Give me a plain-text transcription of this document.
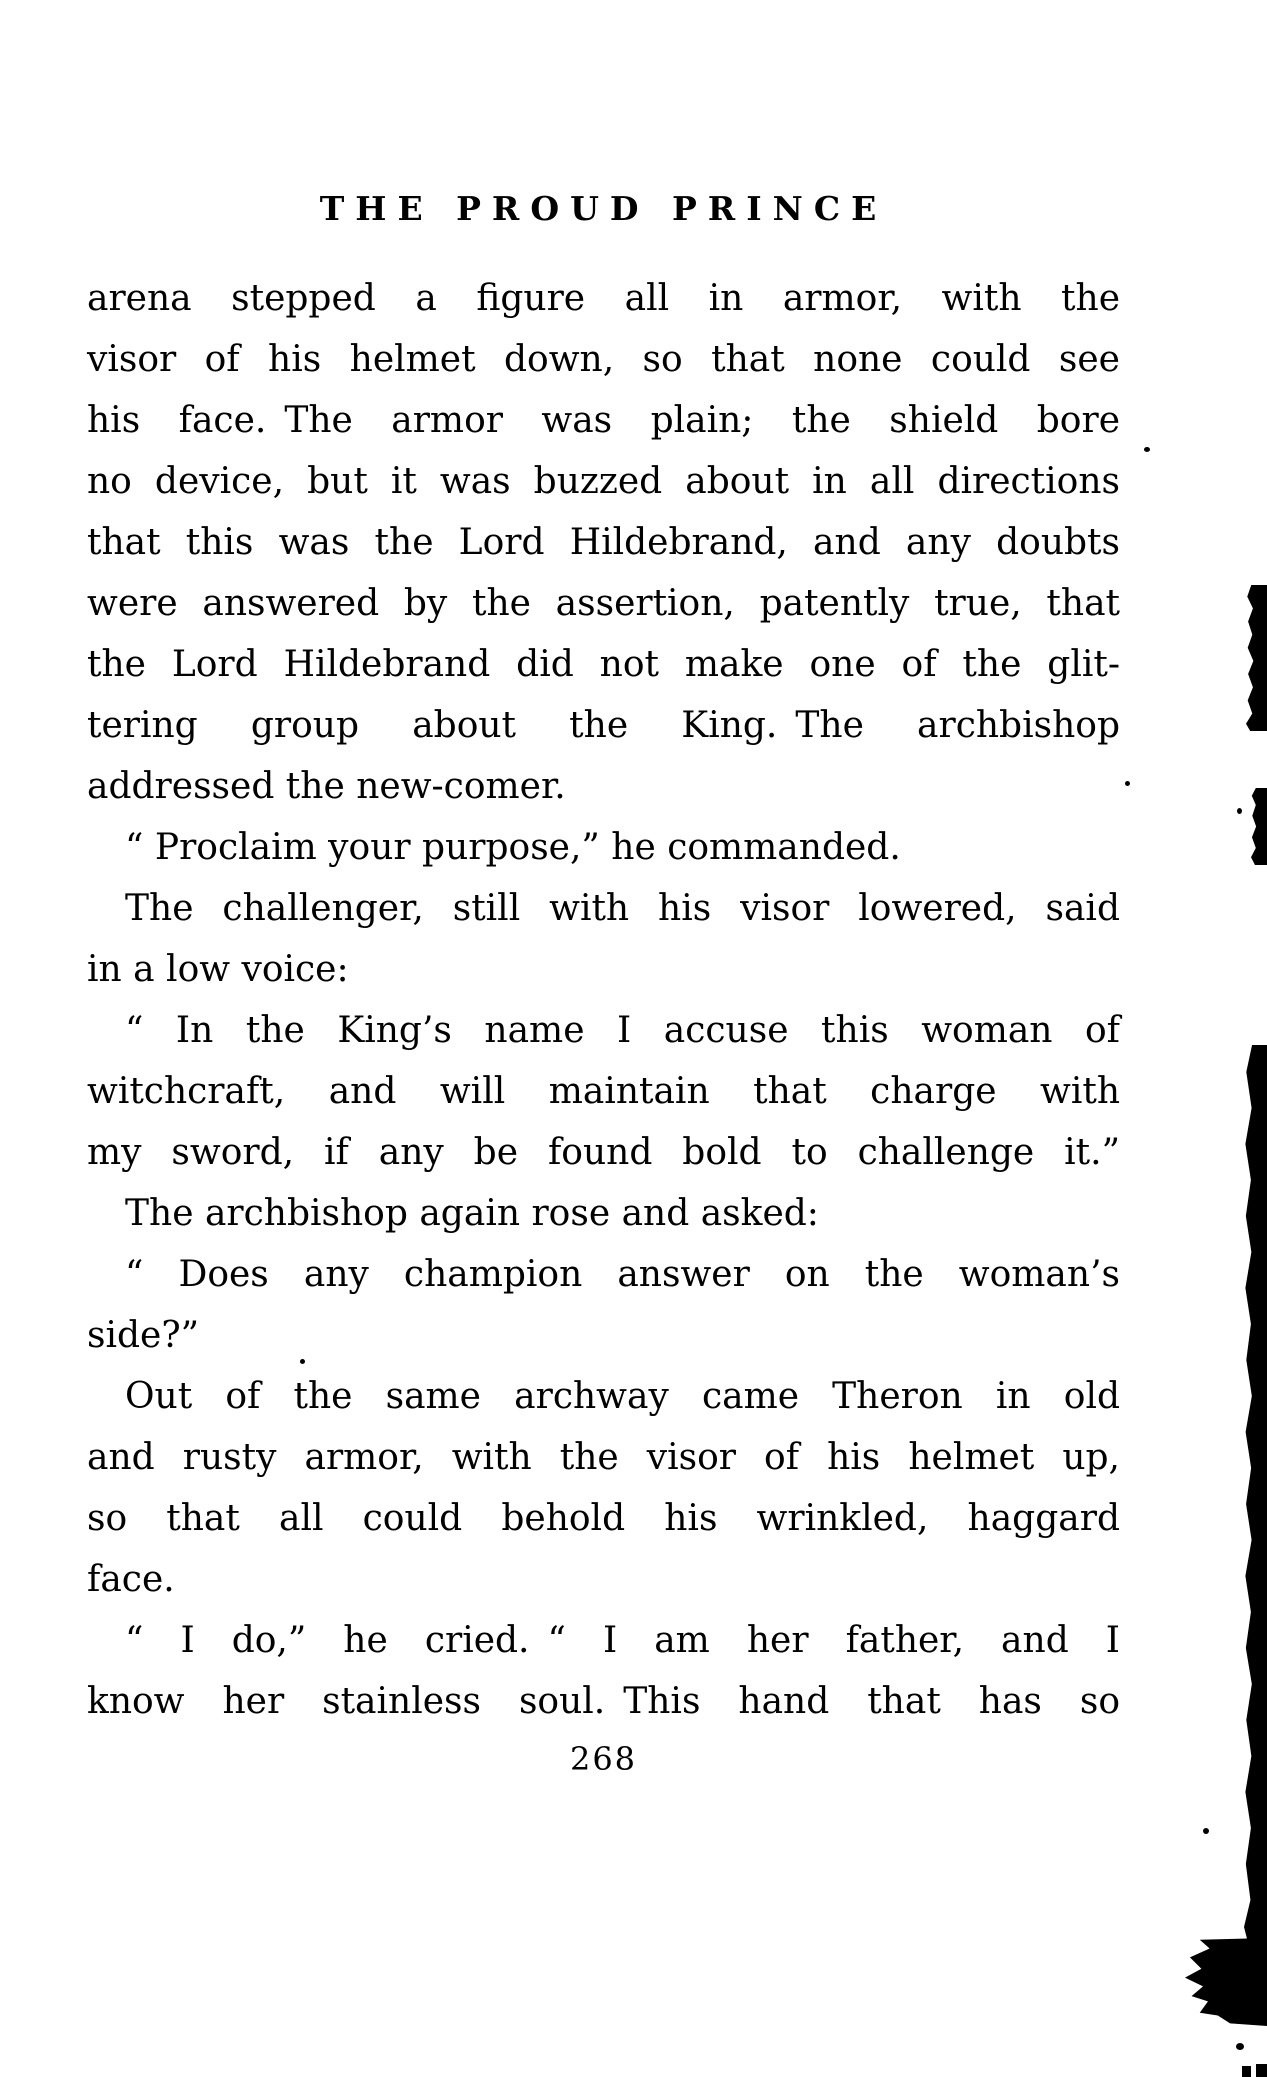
THE PROUD PRINCE
arena stepped a figure all in armor, with the
visor of his helmet down, so that none could see
his face. The armor was plain; the shield bore
no device, but it was buzzed about in all directions
that this was the Lord Hildebrand, and any doubts
were answered by the assertion, patently true, that
the Lord Hildebrand did not make one of the glit-
tering group about the King. The archbishop
addressed the new-comer.
“ Proclaim your purpose,” he commanded.
The challenger, still with his visor lowered, said
in a low voice:
“ In the King’s name I accuse this woman of
witchcraft, and will maintain that charge with
my sword, if any be found bold to challenge it.”
The archbishop again rose and asked:
“ Does any champion answer on the woman’s
side?”
Out of the same archway came Theron in old
and rusty armor, with the visor of his helmet up,
so that all could behold his wrinkled, haggard
face.
“ I do,” he cried. “ I am her father, and I
know her stainless soul. This hand that has so
268
